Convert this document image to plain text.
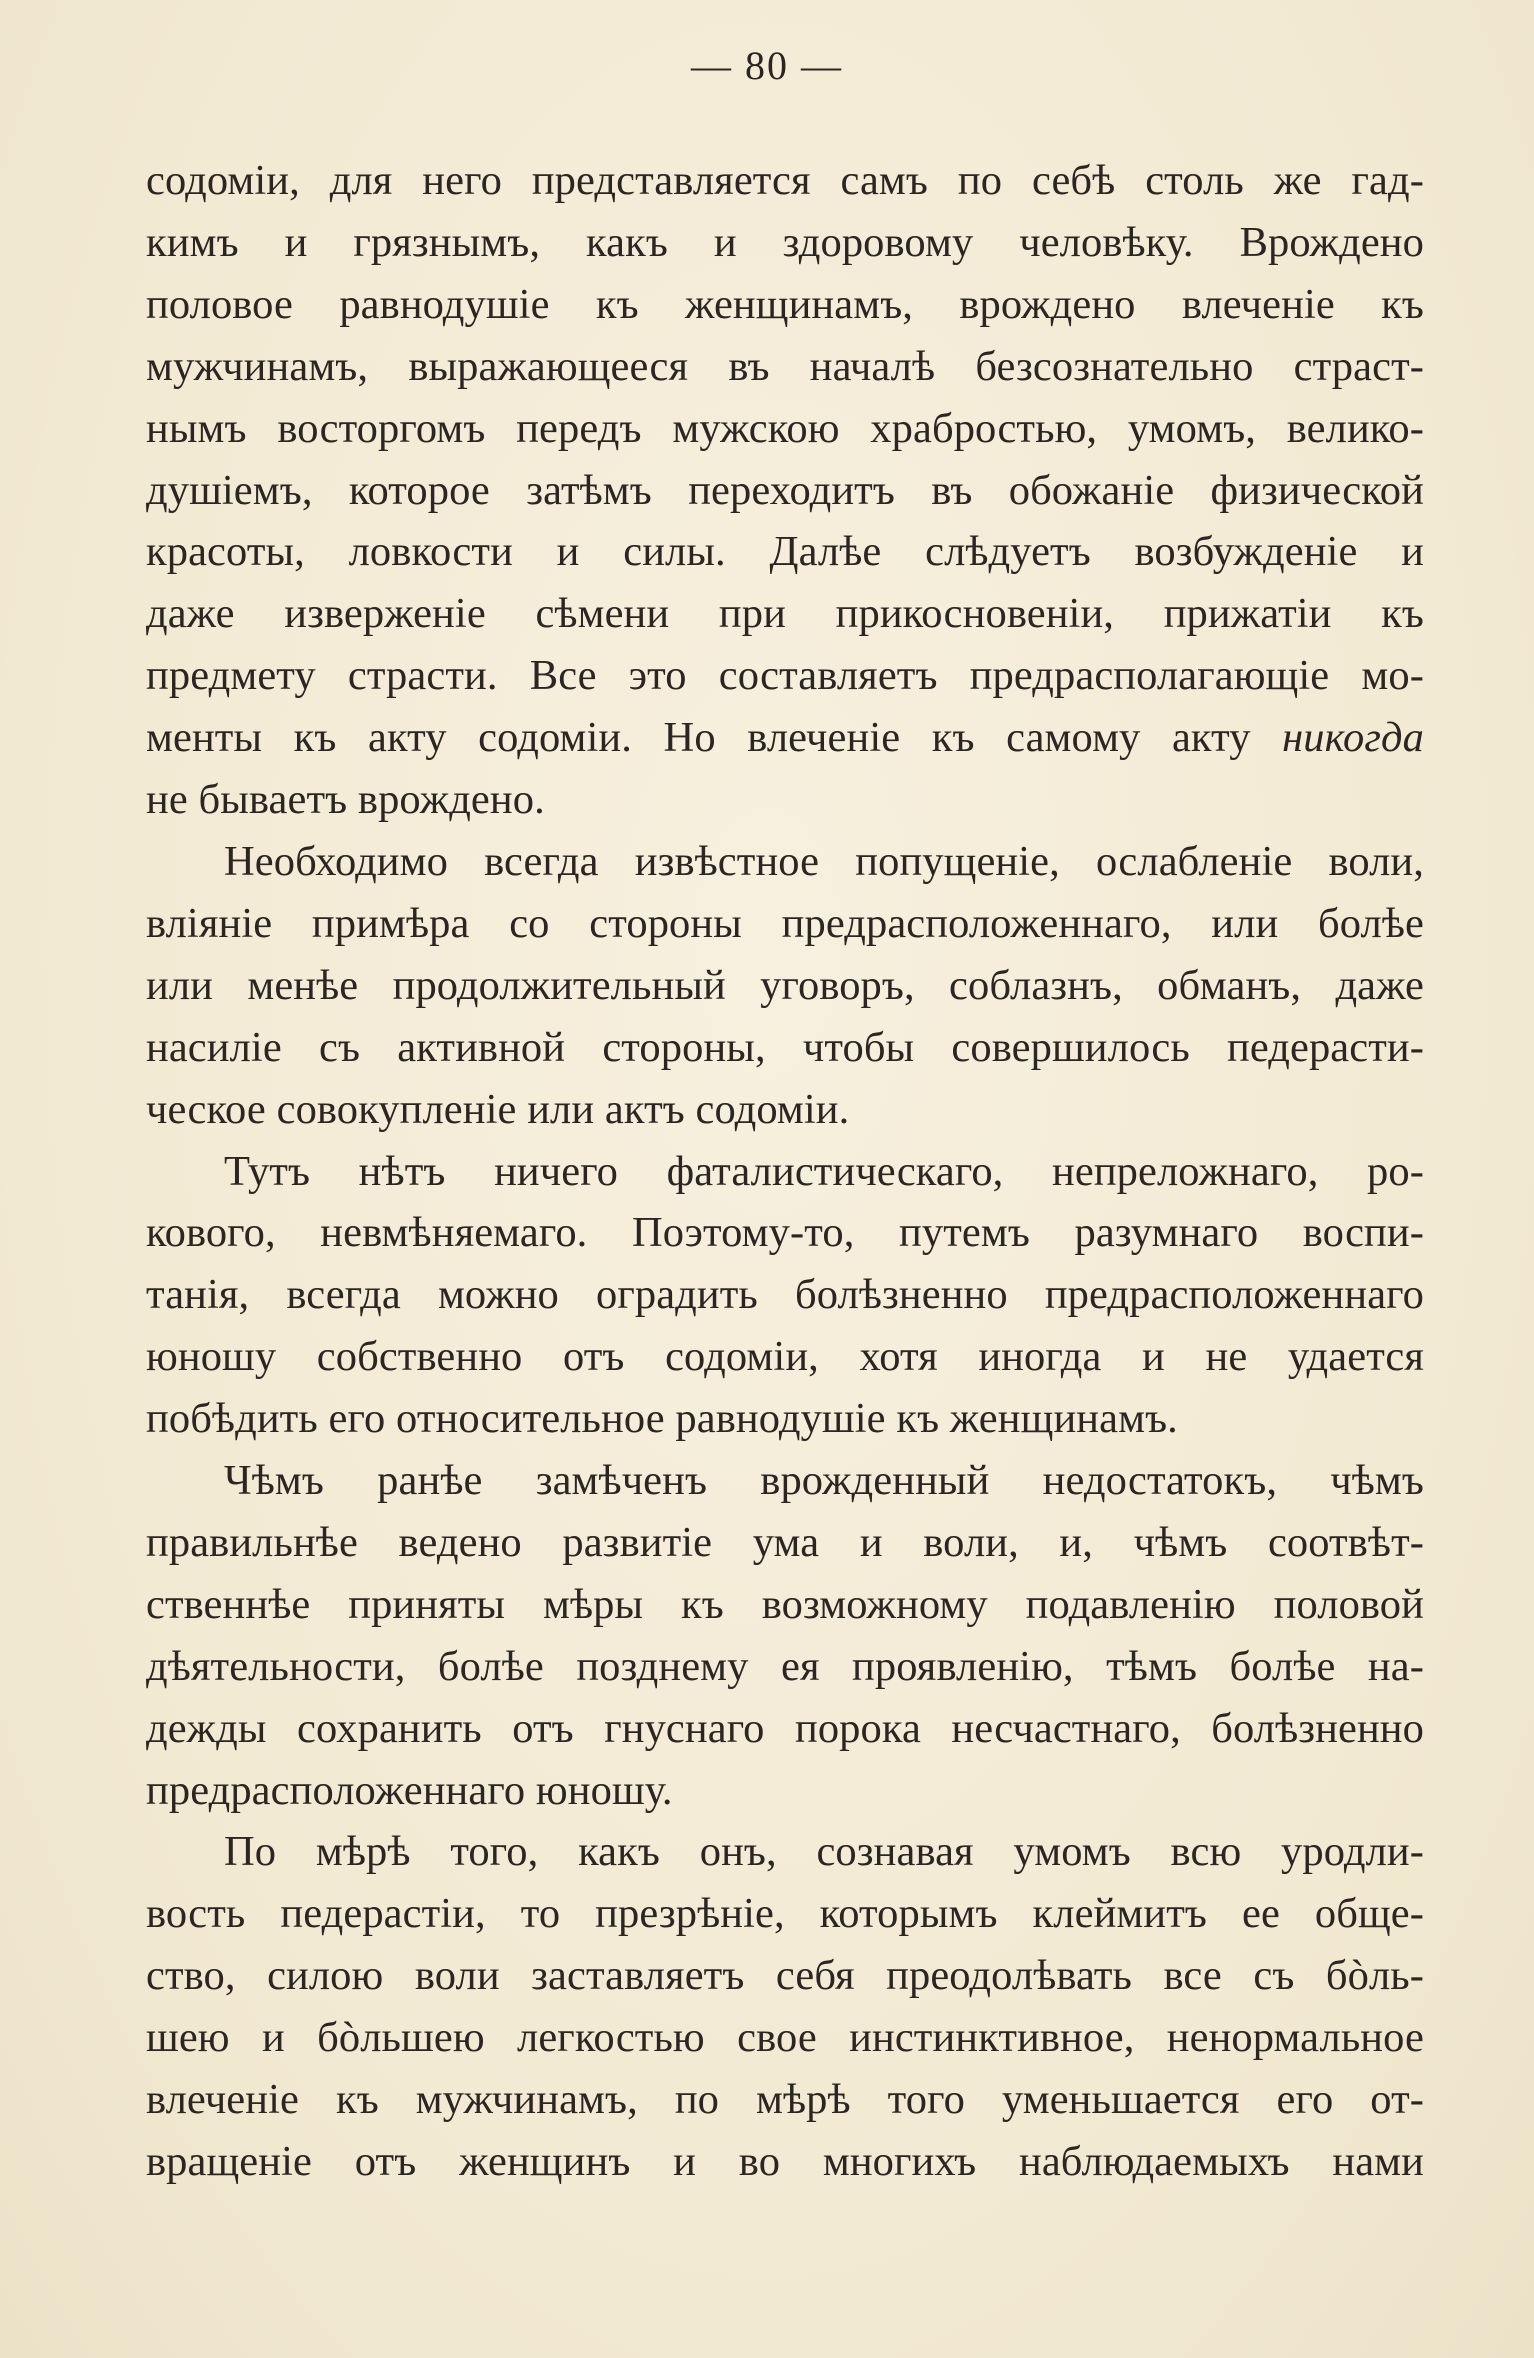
— 80 —
содоміи, для него представляется самъ по себѣ столь же гад-
кимъ и грязнымъ, какъ и здоровому человѣку. Врождено
половое равнодушіе къ женщинамъ, врождено влеченіе къ
мужчинамъ, выражающееся въ началѣ безсознательно страст-
нымъ восторгомъ передъ мужскою храбростью, умомъ, велико-
душіемъ, которое затѣмъ переходитъ въ обожаніе физической
красоты, ловкости и силы. Далѣе слѣдуетъ возбужденіе и
даже изверженіе сѣмени при прикосновеніи, прижатіи къ
предмету страсти. Все это составляетъ предрасполагающіе мо-
менты къ акту содоміи. Но влеченіе къ самому акту никогда
не бываетъ врождено.
Необходимо всегда извѣстное попущеніе, ослабленіе воли,
вліяніе примѣра со стороны предрасположеннаго, или болѣе
или менѣе продолжительный уговоръ, соблазнъ, обманъ, даже
насиліе съ активной стороны, чтобы совершилось педерасти-
ческое совокупленіе или актъ содоміи.
Тутъ нѣтъ ничего фаталистическаго, непреложнаго, ро-
кового, невмѣняемаго. Поэтому-то, путемъ разумнаго воспи-
танія, всегда можно оградить болѣзненно предрасположеннаго
юношу собственно отъ содоміи, хотя иногда и не удается
побѣдить его относительное равнодушіе къ женщинамъ.
Чѣмъ ранѣе замѣченъ врожденный недостатокъ, чѣмъ
правильнѣе ведено развитіе ума и воли, и, чѣмъ соотвѣт-
ственнѣе приняты мѣры къ возможному подавленію половой
дѣятельности, болѣе позднему ея проявленію, тѣмъ болѣе на-
дежды сохранить отъ гнуснаго порока несчастнаго, болѣзненно
предрасположеннаго юношу.
По мѣрѣ того, какъ онъ, сознавая умомъ всю уродли-
вость педерастіи, то презрѣніе, которымъ клеймитъ ее обще-
ство, силою воли заставляетъ себя преодолѣвать все съ бòль-
шею и бòльшею легкостью свое инстинктивное, ненормальное
влеченіе къ мужчинамъ, по мѣрѣ того уменьшается его от-
вращеніе отъ женщинъ и во многихъ наблюдаемыхъ нами
